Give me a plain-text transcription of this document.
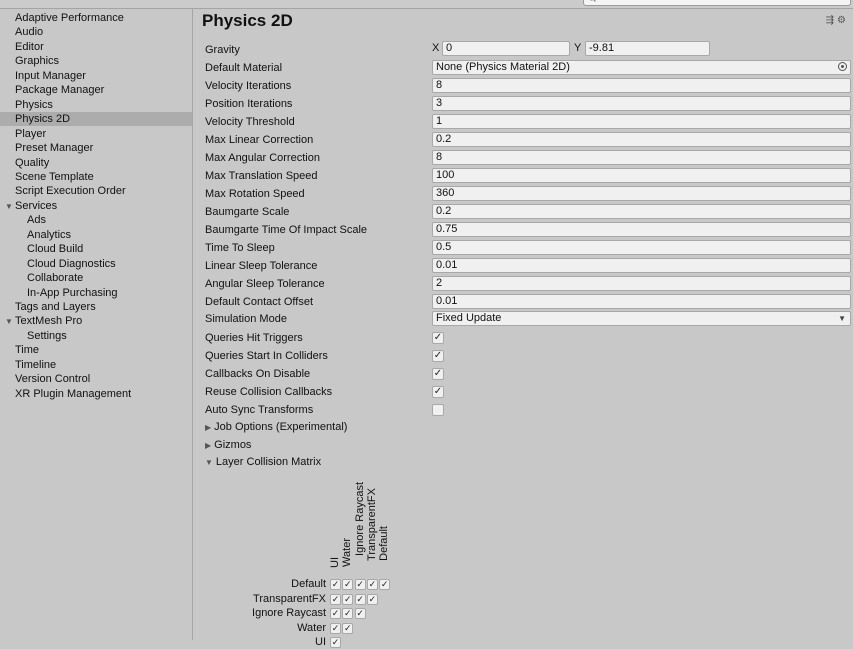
Adaptive Performance
Audio
Editor
Graphics
Input Manager
Package Manager
Physics
Physics 2D
Player
Preset Manager
Quality
Scene Template
Script Execution Order
▼ Services
Ads
Analytics
Cloud Build
Cloud Diagnostics
Collaborate
In-App Purchasing
Tags and Layers
▼ TextMesh Pro
Settings
Time
Timeline
Version Control
XR Plugin Management
Physics 2D	⇶⚙
Gravity	X 0	Y -9.81
Default Material	None (Physics Material 2D)
Velocity Iterations	8
Position Iterations	3
Velocity Threshold	1
Max Linear Correction	0.2
Max Angular Correction	8
Max Translation Speed	100
Max Rotation Speed	360
Baumgarte Scale	0.2
Baumgarte Time Of Impact Scale	0.75
Time To Sleep	0.5
Linear Sleep Tolerance	0.01
Angular Sleep Tolerance	2
Default Contact Offset	0.01
Simulation Mode	Fixed Update	▼
Queries Hit Triggers	✓
Queries Start In Colliders	✓
Callbacks On Disable	✓
Reuse Collision Callbacks	✓
Auto Sync Transforms
▶ Job Options (Experimental)
▶ Gizmos
▼ Layer Collision Matrix
UI Water Ignore Raycast TransparentFX Default
Default ✓ ✓ ✓ ✓ ✓
TransparentFX ✓ ✓ ✓ ✓
Ignore Raycast ✓ ✓ ✓
Water ✓ ✓
UI ✓
